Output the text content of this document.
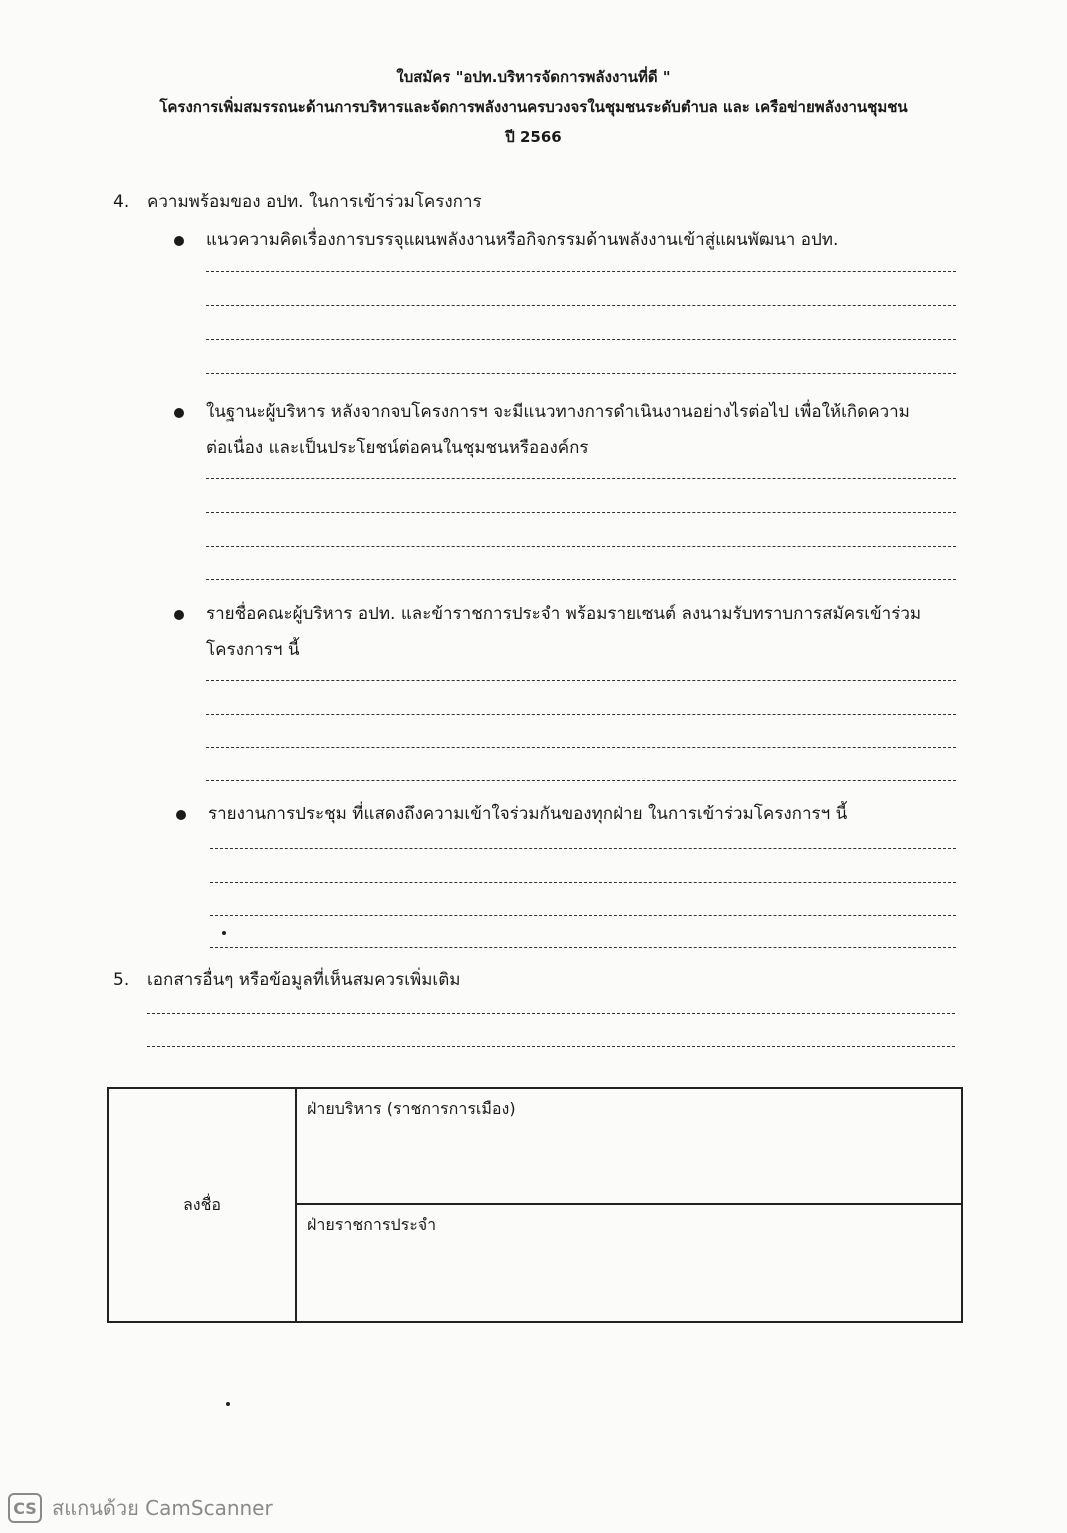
ใบสมัคร "อปท.บริหารจัดการพลังงานที่ดี "
โครงการเพิ่มสมรรถนะด้านการบริหารและจัดการพลังงานครบวงจรในชุมชนระดับตำบล และ เครือข่ายพลังงานชุมชน
ปี 2566
4. ความพร้อมของ อปท. ในการเข้าร่วมโครงการ
แนวความคิดเรื่องการบรรจุแผนพลังงานหรือกิจกรรมด้านพลังงานเข้าสู่แผนพัฒนา อปท.
ในฐานะผู้บริหาร หลังจากจบโครงการฯ จะมีแนวทางการดำเนินงานอย่างไรต่อไป เพื่อให้เกิดความ
ต่อเนื่อง และเป็นประโยชน์ต่อคนในชุมชนหรือองค์กร
รายชื่อคณะผู้บริหาร อปท. และข้าราชการประจำ พร้อมรายเซนต์ ลงนามรับทราบการสมัครเข้าร่วม
โครงการฯ นี้
รายงานการประชุม ที่แสดงถึงความเข้าใจร่วมกันของทุกฝ่าย ในการเข้าร่วมโครงการฯ นี้
5. เอกสารอื่นๆ หรือข้อมูลที่เห็นสมควรเพิ่มเติม
ลงชื่อ	ฝ่ายบริหาร (ราชการการเมือง)
ฝ่ายราชการประจำ
CS สแกนด้วย CamScanner
